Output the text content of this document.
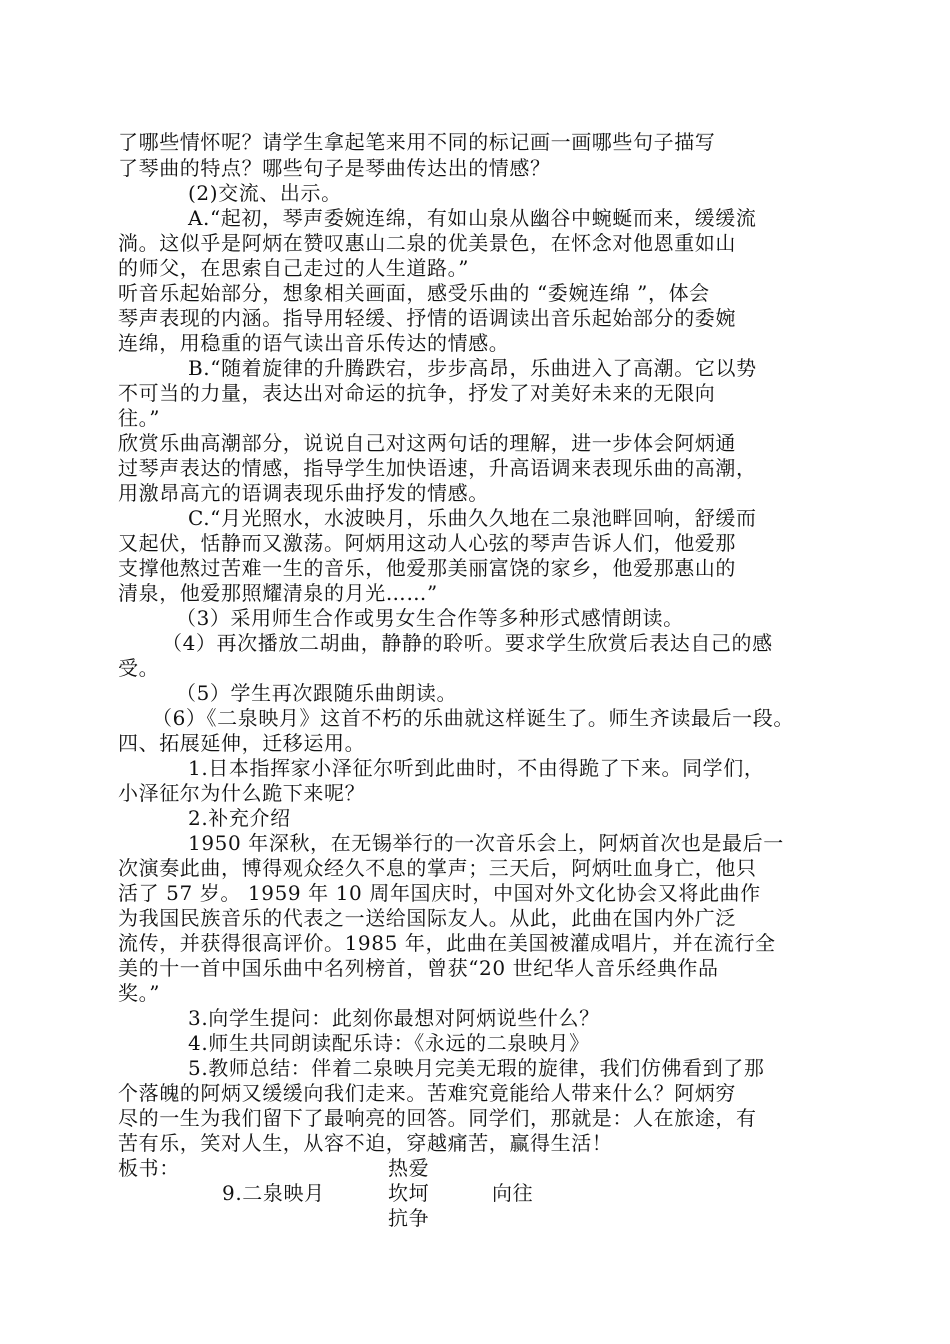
了哪些情怀呢？请学生拿起笔来用不同的标记画一画哪些句子描写
了琴曲的特点？哪些句子是琴曲传达出的情感？
(2)交流、出示。
A.“起初，琴声委婉连绵，有如山泉从幽谷中蜿蜒而来，缓缓流
淌。这似乎是阿炳在赞叹惠山二泉的优美景色，在怀念对他恩重如山
的师父，在思索自己走过的人生道路。”
听音乐起始部分，想象相关画面，感受乐曲的 “委婉连绵 ”，体会
琴声表现的内涵。指导用轻缓、抒情的语调读出音乐起始部分的委婉
连绵，用稳重的语气读出音乐传达的情感。
B.“随着旋律的升腾跌宕，步步高昂，乐曲进入了高潮。它以势
不可当的力量，表达出对命运的抗争，抒发了对美好未来的无限向
往。”
欣赏乐曲高潮部分，说说自己对这两句话的理解，进一步体会阿炳通
过琴声表达的情感，指导学生加快语速，升高语调来表现乐曲的高潮，
用激昂高亢的语调表现乐曲抒发的情感。
C.“月光照水，水波映月，乐曲久久地在二泉池畔回响，舒缓而
又起伏，恬静而又激荡。阿炳用这动人心弦的琴声告诉人们，他爱那
支撑他熬过苦难一生的音乐，他爱那美丽富饶的家乡，他爱那惠山的
清泉，他爱那照耀清泉的月光……”
（3）采用师生合作或男女生合作等多种形式感情朗读。
（4）再次播放二胡曲，静静的聆听。要求学生欣赏后表达自己的感
受。
（5）学生再次跟随乐曲朗读。
（6）《二泉映月》这首不朽的乐曲就这样诞生了。师生齐读最后一段。
四、拓展延伸，迁移运用。
1.日本指挥家小泽征尔听到此曲时，不由得跪了下来。同学们，
小泽征尔为什么跪下来呢？
2.补充介绍
1950 年深秋，在无锡举行的一次音乐会上，阿炳首次也是最后一
次演奏此曲，博得观众经久不息的掌声；三天后，阿炳吐血身亡，他只
活了 57 岁。 1959 年 10 周年国庆时，中国对外文化协会又将此曲作
为我国民族音乐的代表之一送给国际友人。从此，此曲在国内外广泛
流传，并获得很高评价。1985 年，此曲在美国被灌成唱片，并在流行全
美的十一首中国乐曲中名列榜首，曾获“20 世纪华人音乐经典作品
奖。”
3.向学生提问：此刻你最想对阿炳说些什么？
4.师生共同朗读配乐诗：《永远的二泉映月》
5.教师总结：伴着二泉映月完美无瑕的旋律，我们仿佛看到了那
个落魄的阿炳又缓缓向我们走来。苦难究竟能给人带来什么？阿炳穷
尽的一生为我们留下了最响亮的回答。同学们，那就是：人在旅途，有
苦有乐，笑对人生，从容不迫，穿越痛苦，赢得生活！
板书：	热爱
9.二泉映月	坎坷	向往
抗争
